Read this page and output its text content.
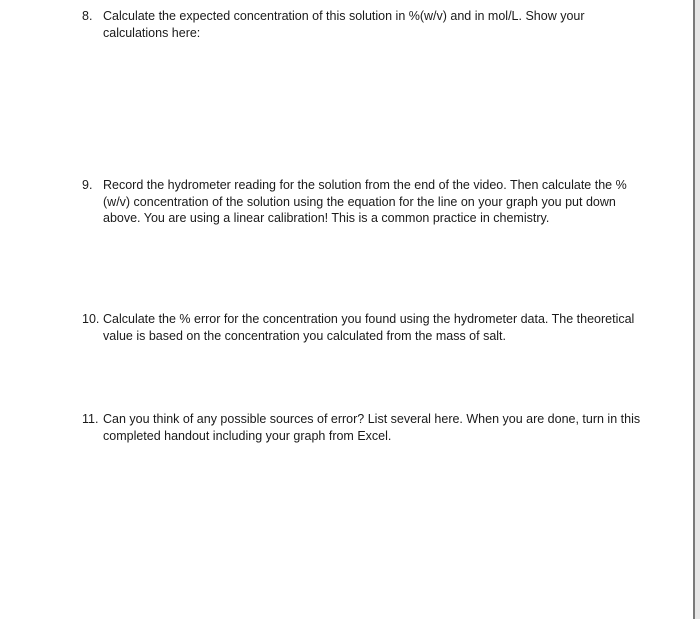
8. Calculate the expected concentration of this solution in %(w/v) and in mol/L. Show your calculations here:
9. Record the hydrometer reading for the solution from the end of the video. Then calculate the % (w/v) concentration of the solution using the equation for the line on your graph you put down above. You are using a linear calibration! This is a common practice in chemistry.
10. Calculate the % error for the concentration you found using the hydrometer data. The theoretical value is based on the concentration you calculated from the mass of salt.
11. Can you think of any possible sources of error? List several here. When you are done, turn in this completed handout including your graph from Excel.
